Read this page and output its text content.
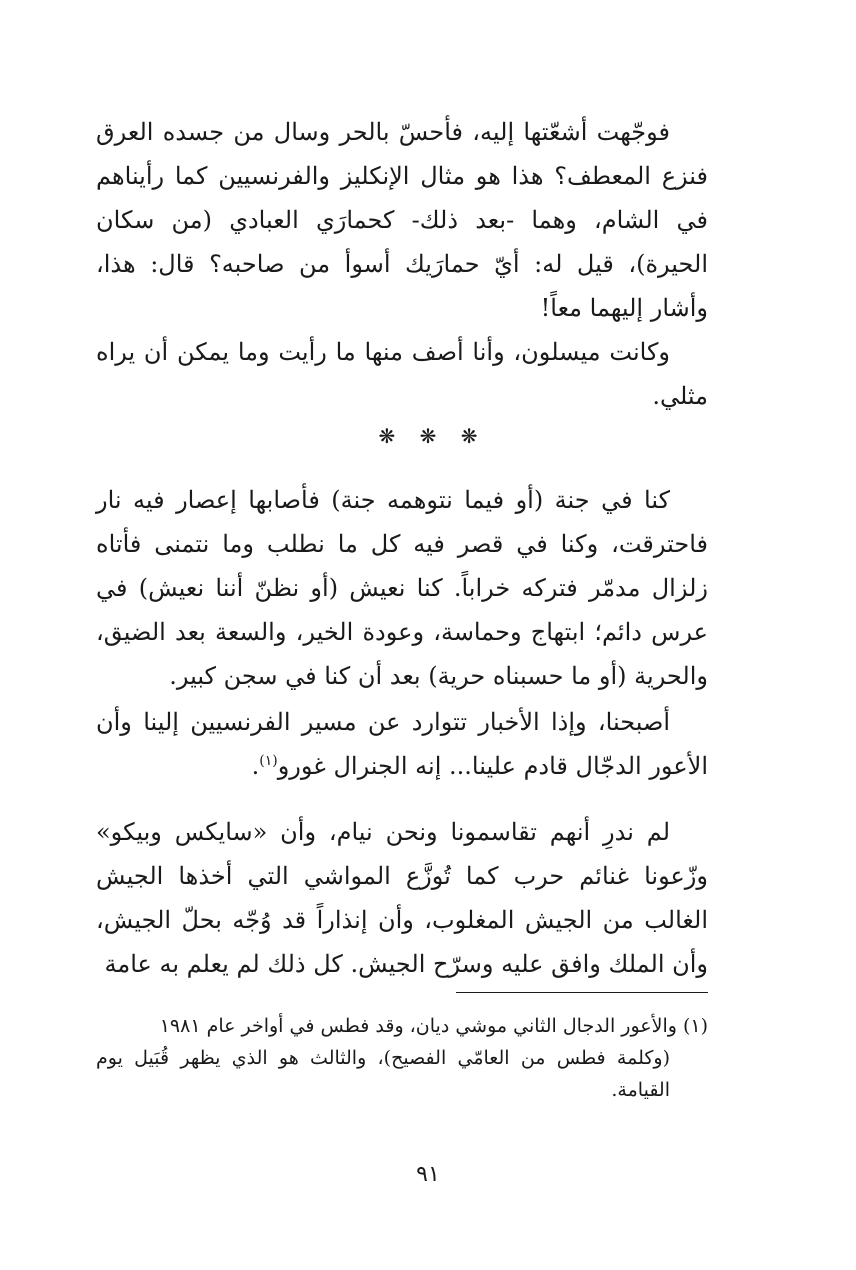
فوجّهت أشعّتها إليه، فأحسّ بالحر وسال من جسده العرق فنزع المعطف؟ هذا هو مثال الإنكليز والفرنسيين كما رأيناهم في الشام، وهما -بعد ذلك- كحمارَي العبادي (من سكان الحيرة)، قيل له: أيّ حمارَيك أسوأ من صاحبه؟ قال: هذا، وأشار إليهما معاً!

وكانت ميسلون، وأنا أصف منها ما رأيت وما يمكن أن يراه مثلي.

❋ ❋ ❋

كنا في جنة (أو فيما نتوهمه جنة) فأصابها إعصار فيه نار فاحترقت، وكنا في قصر فيه كل ما نطلب وما نتمنى فأتاه زلزال مدمّر فتركه خراباً. كنا نعيش (أو نظنّ أننا نعيش) في عرس دائم؛ ابتهاج وحماسة، وعودة الخير، والسعة بعد الضيق، والحرية (أو ما حسبناه حرية) بعد أن كنا في سجن كبير.

أصبحنا، وإذا الأخبار تتوارد عن مسير الفرنسيين إلينا وأن الأعور الدجّال قادم علينا... إنه الجنرال غورو$^{(١)}$.

لم ندرِ أنهم تقاسمونا ونحن نيام، وأن «سايكس وبيكو» وزّعونا غنائم حرب كما تُوزَّع المواشي التي أخذها الجيش الغالب من الجيش المغلوب، وأن إنذاراً قد وُجّه بحلّ الجيش، وأن الملك وافق عليه وسرّح الجيش. كل ذلك لم يعلم به عامة

(١) والأعور الدجال الثاني موشي ديان، وقد فطس في أواخر عام ١٩٨١
(وكلمة فطس من العامّي الفصيح)، والثالث هو الذي يظهر قُبَيل يوم القيامة.

٩١
